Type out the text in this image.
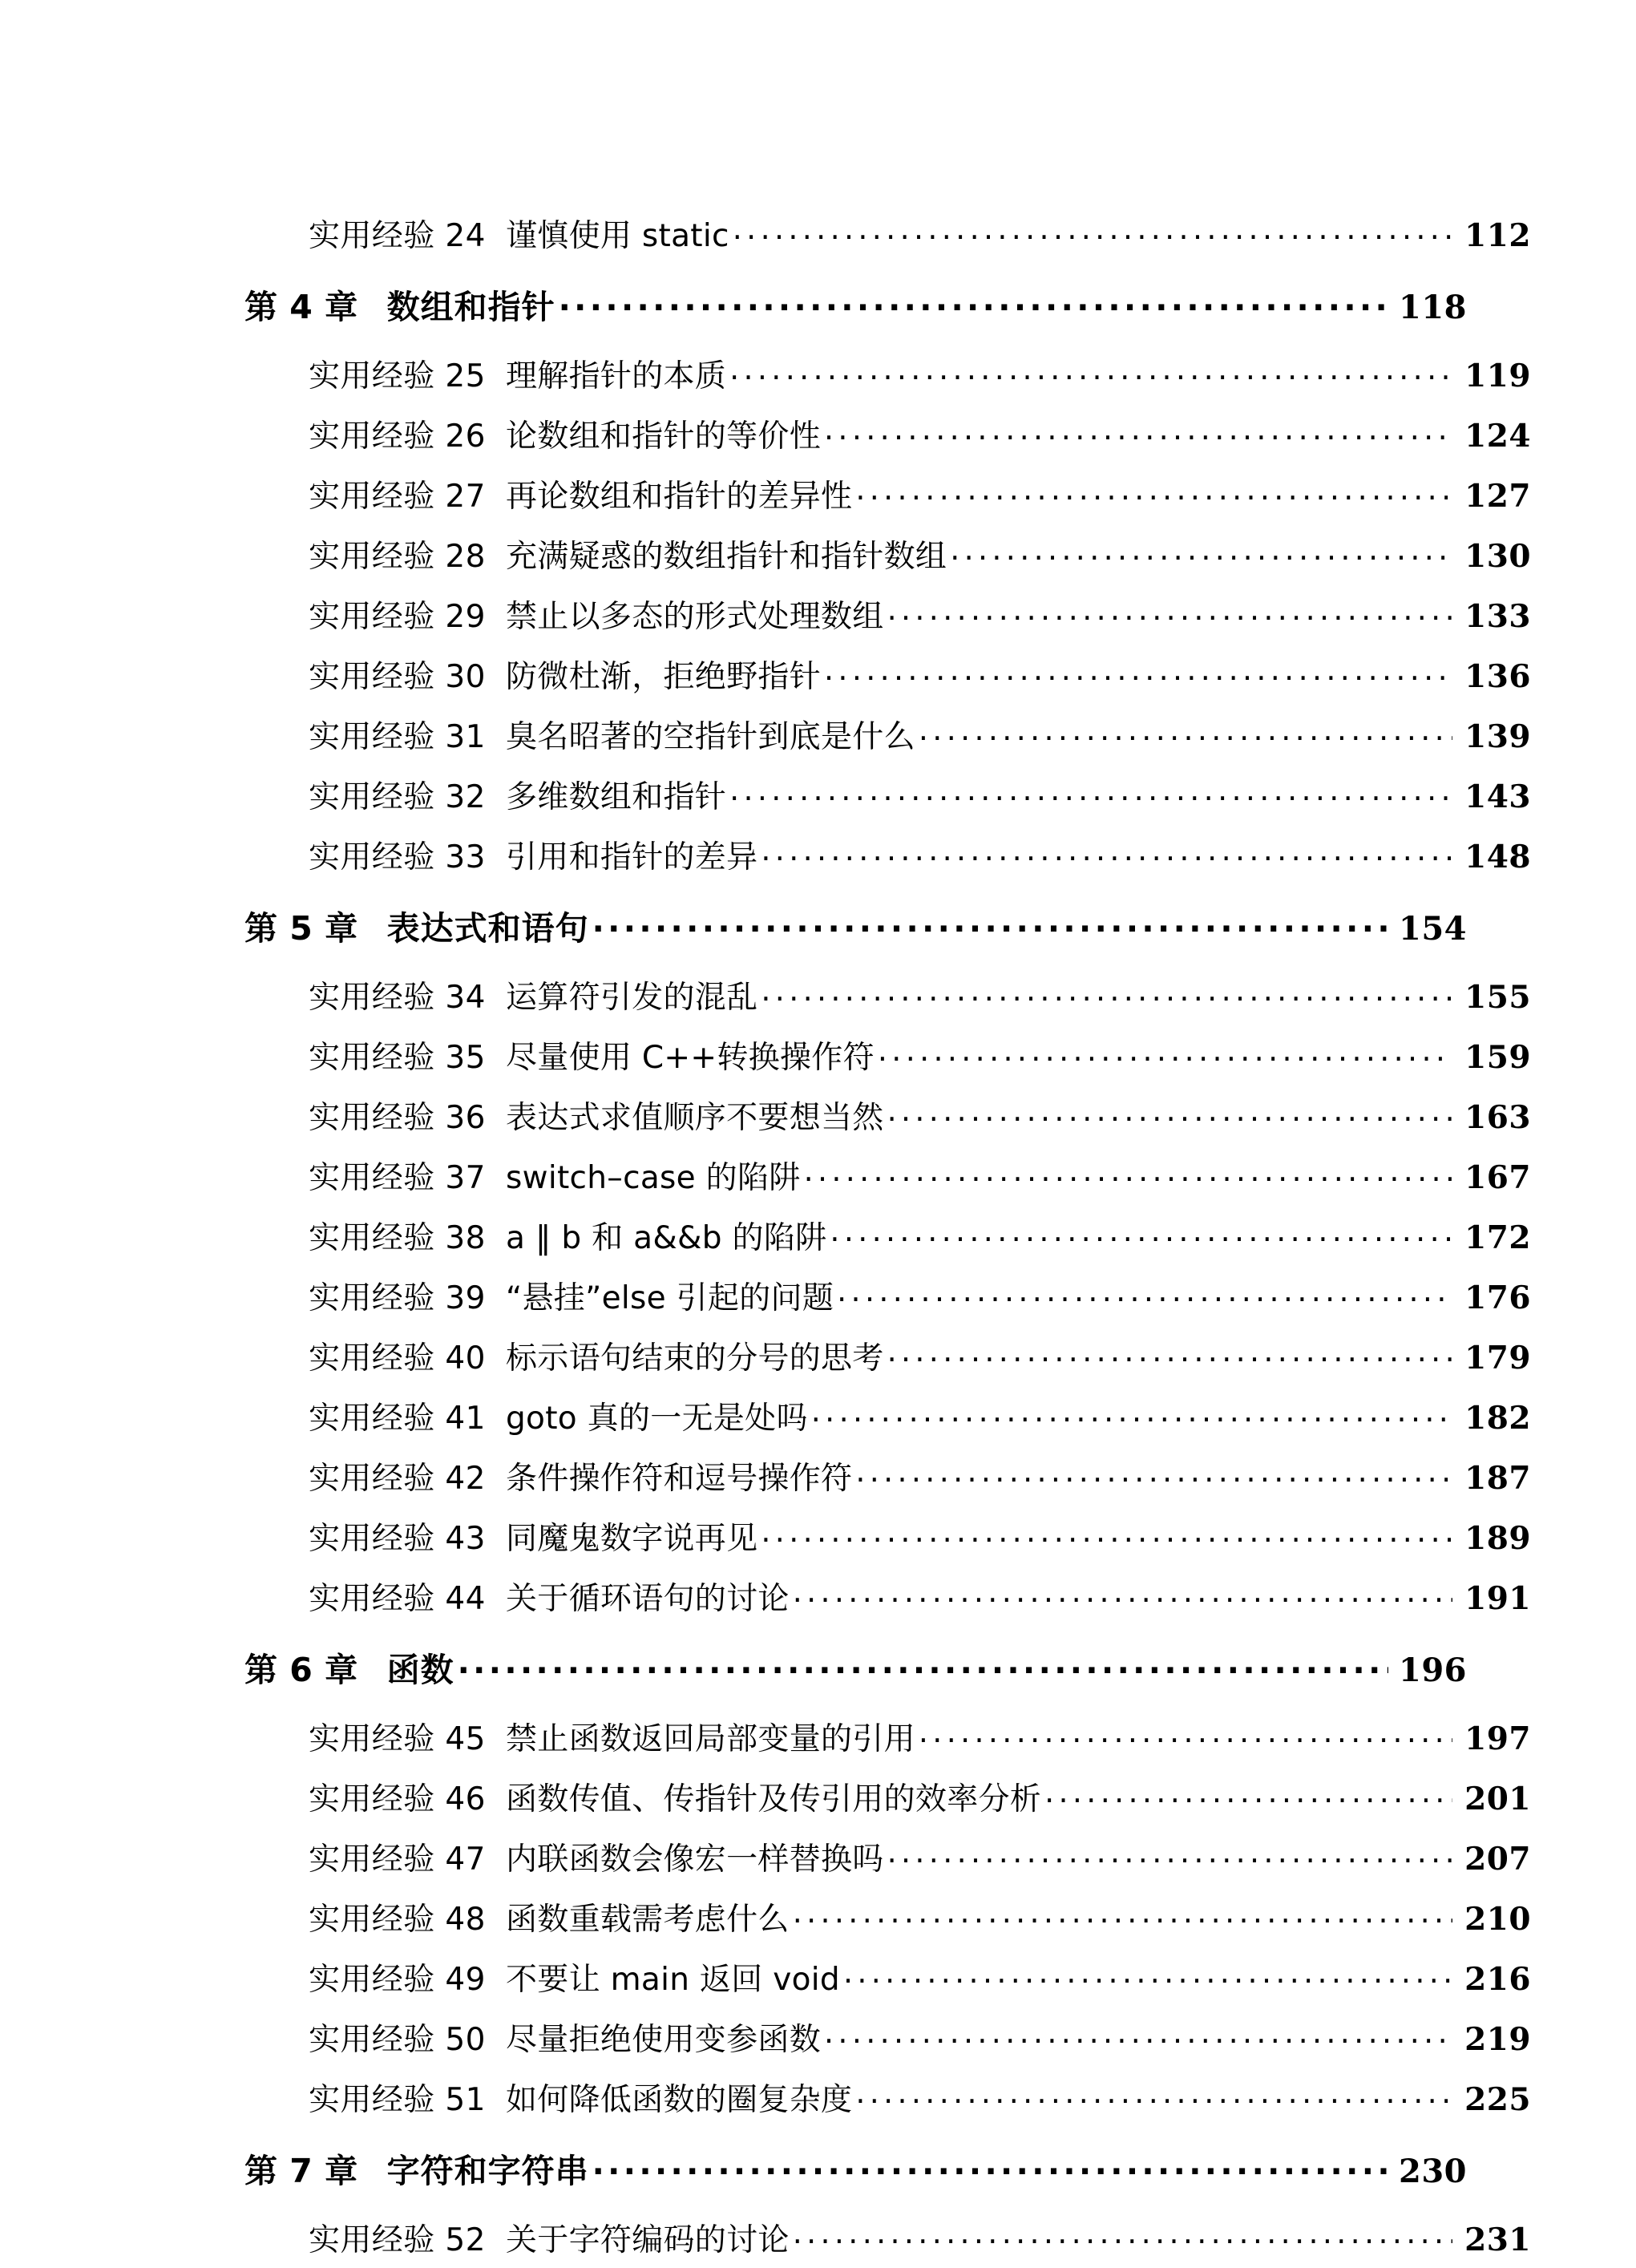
实用经验 24 谨慎使用 static .....	112
第 4 章 数组和指针 .....	118
实用经验 25 理解指针的本质 .....	119
实用经验 26 论数组和指针的等价性 .....	124
实用经验 27 再论数组和指针的差异性 .....	127
实用经验 28 充满疑惑的数组指针和指针数组 .....	130
实用经验 29 禁止以多态的形式处理数组 .....	133
实用经验 30 防微杜渐，拒绝野指针 .....	136
实用经验 31 臭名昭著的空指针到底是什么 .....	139
实用经验 32 多维数组和指针 .....	143
实用经验 33 引用和指针的差异 .....	148
第 5 章 表达式和语句 .....	154
实用经验 34 运算符引发的混乱 .....	155
实用经验 35 尽量使用 C++转换操作符 .....	159
实用经验 36 表达式求值顺序不要想当然 .....	163
实用经验 37 switch–case 的陷阱 .....	167
实用经验 38 a ‖ b 和 a&&b 的陷阱 .....	172
实用经验 39 “悬挂”else 引起的问题 .....	176
实用经验 40 标示语句结束的分号的思考 .....	179
实用经验 41 goto 真的一无是处吗 .....	182
实用经验 42 条件操作符和逗号操作符 .....	187
实用经验 43 同魔鬼数字说再见 .....	189
实用经验 44 关于循环语句的讨论 .....	191
第 6 章 函数 .....	196
实用经验 45 禁止函数返回局部变量的引用 .....	197
实用经验 46 函数传值、传指针及传引用的效率分析 .....	201
实用经验 47 内联函数会像宏一样替换吗 .....	207
实用经验 48 函数重载需考虑什么 .....	210
实用经验 49 不要让 main 返回 void .....	216
实用经验 50 尽量拒绝使用变参函数 .....	219
实用经验 51 如何降低函数的圈复杂度 .....	225
第 7 章 字符和字符串 .....	230
实用经验 52 关于字符编码的讨论 .....	231
